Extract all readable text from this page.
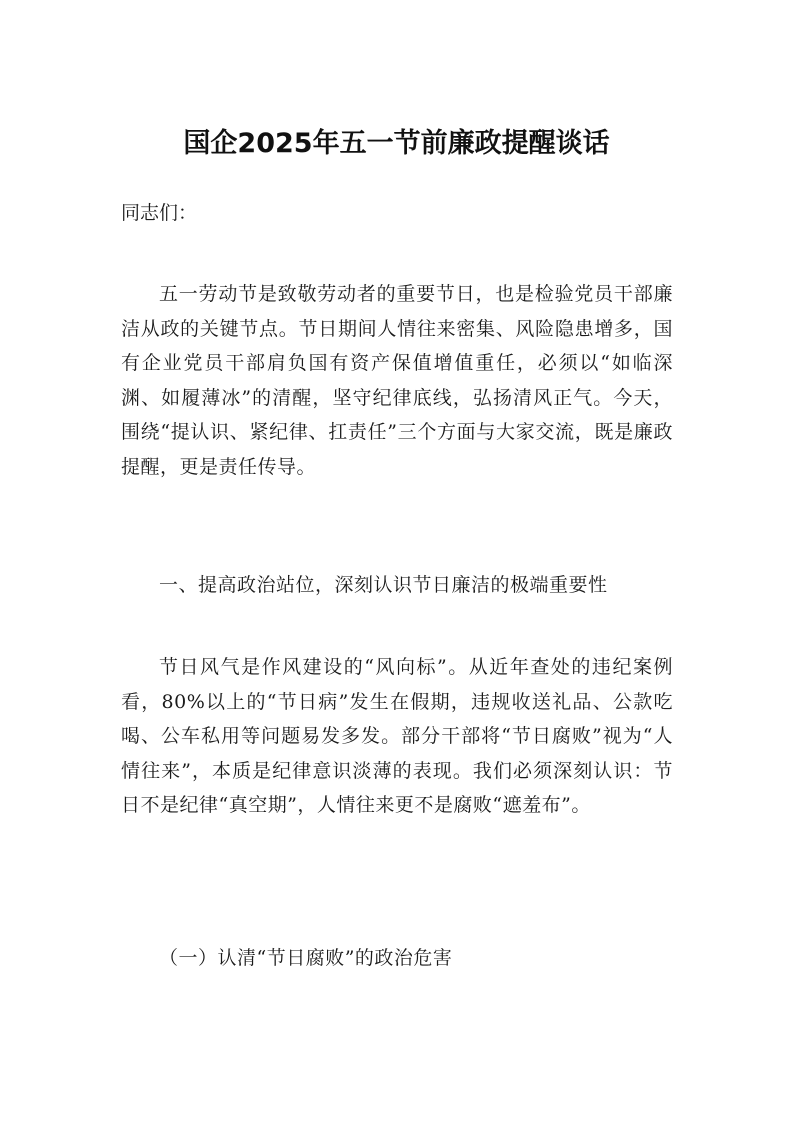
国企2025年五一节前廉政提醒谈话

同志们：

五一劳动节是致敬劳动者的重要节日，也是检验党员干部廉洁从政的关键节点。节日期间人情往来密集、风险隐患增多，国有企业党员干部肩负国有资产保值增值重任，必须以“如临深渊、如履薄冰”的清醒，坚守纪律底线，弘扬清风正气。今天，围绕“提认识、紧纪律、扛责任”三个方面与大家交流，既是廉政提醒，更是责任传导。

一、提高政治站位，深刻认识节日廉洁的极端重要性

节日风气是作风建设的“风向标”。从近年查处的违纪案例看，80%以上的“节日病”发生在假期，违规收送礼品、公款吃喝、公车私用等问题易发多发。部分干部将“节日腐败”视为“人情往来”，本质是纪律意识淡薄的表现。我们必须深刻认识：节日不是纪律“真空期”，人情往来更不是腐败“遮羞布”。

（一）认清“节日腐败”的政治危害
